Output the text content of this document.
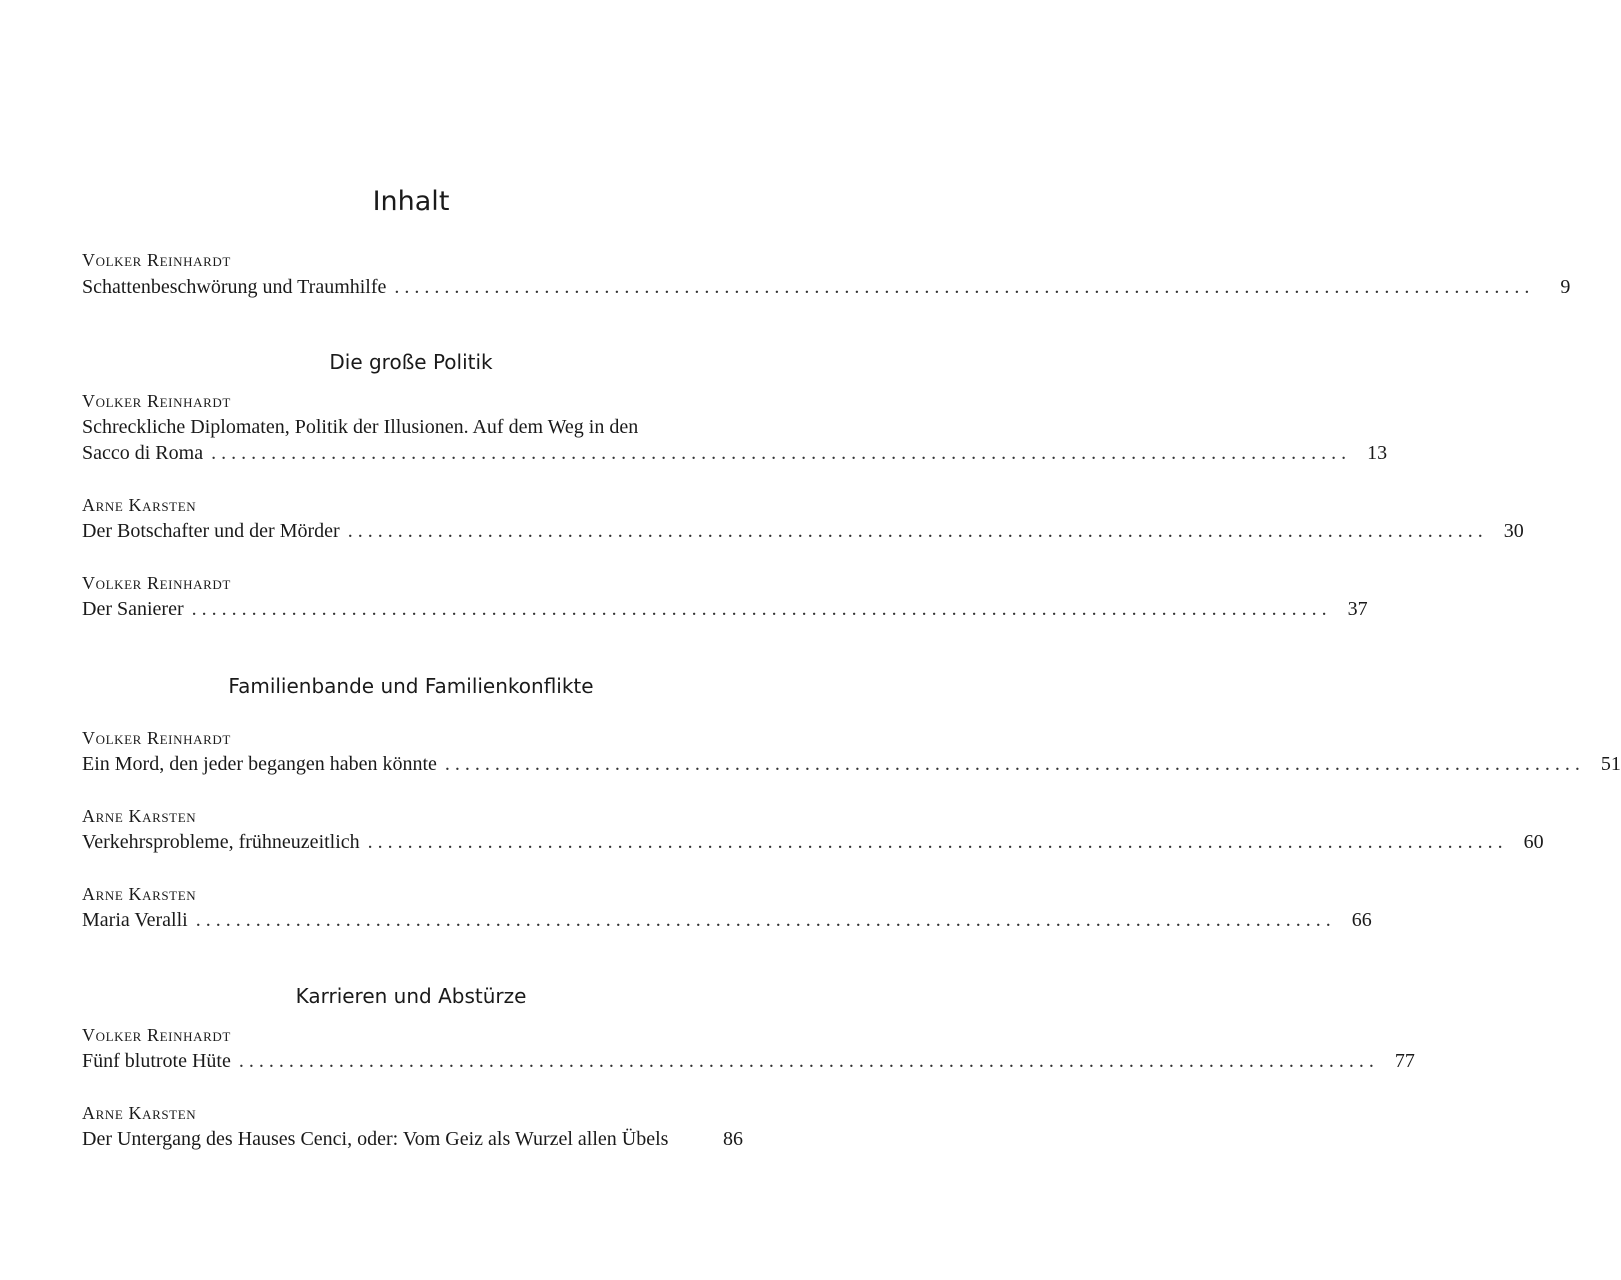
Inhalt
Volker Reinhardt
Schattenbeschwörung und Traumhilfe ..................................................................................................................	9
Die große Politik
Volker Reinhardt
Schreckliche Diplomaten, Politik der Illusionen. Auf dem Weg in den
Sacco di Roma .................................................................................................................. 13
Arne Karsten
Der Botschafter und der Mörder .................................................................................................................. 30
Volker Reinhardt
Der Sanierer .................................................................................................................. 37
Familienbande und Familienkonflikte
Volker Reinhardt
Ein Mord, den jeder begangen haben könnte .................................................................................................................. 51
Arne Karsten
Verkehrsprobleme, frühneuzeitlich .................................................................................................................. 60
Arne Karsten
Maria Veralli .................................................................................................................. 66
Karrieren und Abstürze
Volker Reinhardt
Fünf blutrote Hüte .................................................................................................................. 77
Arne Karsten
Der Untergang des Hauses Cenci, oder: Vom Geiz als Wurzel allen Übels	86
